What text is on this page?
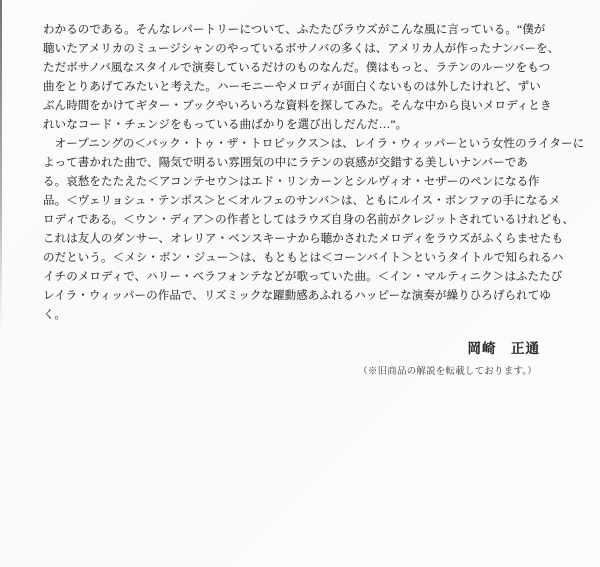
わかるのである。そんなレパートリーについて、ふたたびラウズがこんな風に言っている。“僕が
聴いたアメリカのミュージシャンのやっているボサノバの多くは、アメリカ人が作ったナンバーを、
ただボサノバ風なスタイルで演奏しているだけのものなんだ。僕はもっと、ラテンのルーツをもつ
曲をとりあげてみたいと考えた。ハーモニーやメロディが面白くないものは外したけれど、ずい
ぶん時間をかけてギター・ブックやいろいろな資料を探してみた。そんな中から良いメロディとき
れいなコード・チェンジをもっている曲ばかりを選び出しだんだ…”。
　オープニングの＜バック・トゥ・ザ・トロピックス＞は、レイラ・ウィッパーという女性のライターに
よって書かれた曲で、陽気で明るい雰囲気の中にラテンの哀感が交錯する美しいナンバーであ
る。哀愁をたたえた＜アコンテセウ＞はエド・リンカーンとシルヴィオ・セザーのペンになる作
品。＜ヴェリョシュ・テンポス＞と＜オルフェのサンバ＞は、ともにルイス・ボンファの手になるメ
ロディである。＜ウン・ディア＞の作者としてはラウズ自身の名前がクレジットされているけれども、
これは友人のダンサー、オレリア・ベンスキーナから聴かされたメロディをラウズがふくらませたも
のだという。＜メシ・ボン・ジュー＞は、もともとは＜コーンバイト＞というタイトルで知られるハ
イチのメロディで、ハリー・ベラフォンテなどが歌っていた曲。＜イン・マルティニク＞はふたたび
レイラ・ウィッパーの作品で、リズミックな躍動感あふれるハッピーな演奏が繰りひろげられてゆ
く。
岡崎　正通
（※旧商品の解説を転載しております。）
